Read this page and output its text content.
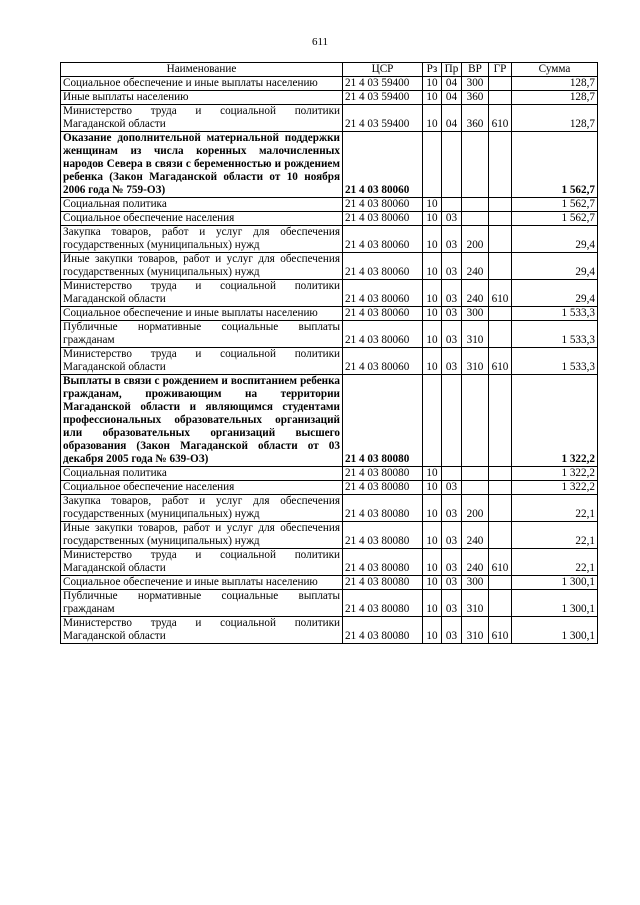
611
Наименование	ЦСР	Рз	Пр	ВР	ГР	Сумма
Социальное обеспечение и иные выплаты населению	21 4 03 59400	10	04	300		128,7
Иные выплаты населению	21 4 03 59400	10	04	360		128,7
Министерство труда и социальной политики Магаданской области	21 4 03 59400	10	04	360	610	128,7
Оказание дополнительной материальной поддержки женщинам из числа коренных малочисленных народов Севера в связи с беременностью и рождением ребенка (Закон Магаданской области от 10 ноября 2006 года № 759-ОЗ)	21 4 03 80060					1 562,7
Социальная политика	21 4 03 80060	10				1 562,7
Социальное обеспечение населения	21 4 03 80060	10	03			1 562,7
Закупка товаров, работ и услуг для обеспечения государственных (муниципальных) нужд	21 4 03 80060	10	03	200		29,4
Иные закупки товаров, работ и услуг для обеспечения государственных (муниципальных) нужд	21 4 03 80060	10	03	240		29,4
Министерство труда и социальной политики Магаданской области	21 4 03 80060	10	03	240	610	29,4
Социальное обеспечение и иные выплаты населению	21 4 03 80060	10	03	300		1 533,3
Публичные нормативные социальные выплаты гражданам	21 4 03 80060	10	03	310		1 533,3
Министерство труда и социальной политики Магаданской области	21 4 03 80060	10	03	310	610	1 533,3
Выплаты в связи с рождением и воспитанием ребенка гражданам, проживающим на территории Магаданской области и являющимся студентами профессиональных образовательных организаций или образовательных организаций высшего образования (Закон Магаданской области от 03 декабря 2005 года № 639-ОЗ)	21 4 03 80080					1 322,2
Социальная политика	21 4 03 80080	10				1 322,2
Социальное обеспечение населения	21 4 03 80080	10	03			1 322,2
Закупка товаров, работ и услуг для обеспечения государственных (муниципальных) нужд	21 4 03 80080	10	03	200		22,1
Иные закупки товаров, работ и услуг для обеспечения государственных (муниципальных) нужд	21 4 03 80080	10	03	240		22,1
Министерство труда и социальной политики Магаданской области	21 4 03 80080	10	03	240	610	22,1
Социальное обеспечение и иные выплаты населению	21 4 03 80080	10	03	300		1 300,1
Публичные нормативные социальные выплаты гражданам	21 4 03 80080	10	03	310		1 300,1
Министерство труда и социальной политики Магаданской области	21 4 03 80080	10	03	310	610	1 300,1
